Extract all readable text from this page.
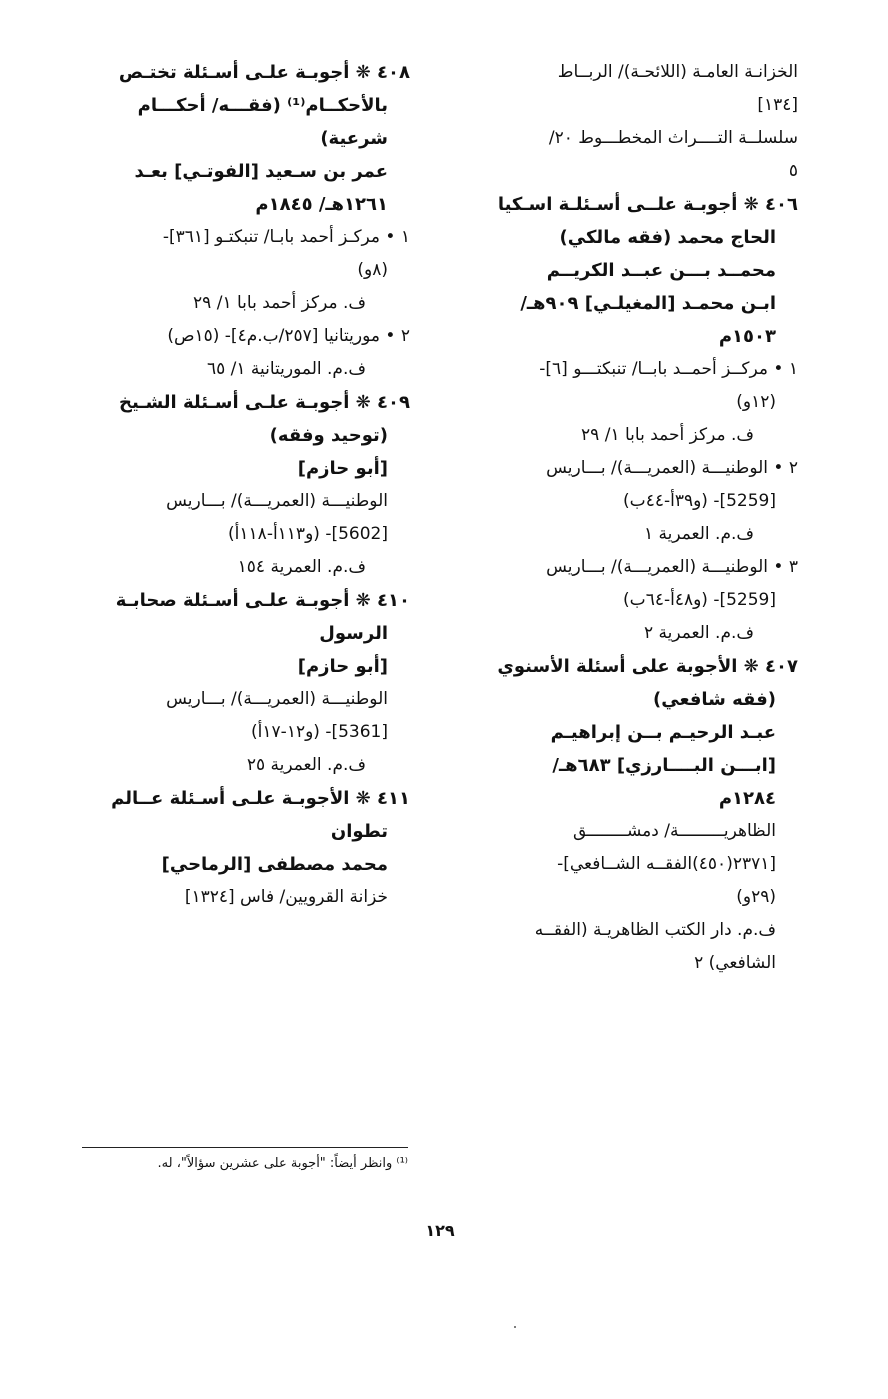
الخزانـة العامـة (اللائحـة)/ الربــاط
[١٣٤]
سلسلــة التــــراث المخطـــوط ٢٠/
٥
٤٠٦ ❋ أجوبـة علــى أسـئلـة اسـكيا
الحاج محمد (فقه مالكي)
محمــد بـــن عبــد الكريــم
ابـن محمـد [المغيلـي] ٩٠٩هـ/
١٥٠٣م
١ • مركــز أحمــد بابــا/ تنبكتـــو [٦]-
(١٢و)
ف. مركز أحمد بابا ١/ ٢٩
٢ • الوطنيـــة (العمريـــة)/ بـــاريس
[5259]- (و٣٩أ-٤٤ب)
ف.م. العمرية ١
٣ • الوطنيـــة (العمريـــة)/ بـــاريس
[5259]- (و٤٨أ-٦٤ب)
ف.م. العمرية ٢
٤٠٧ ❋ الأجوبة على أسئلة الأسنوي
(فقه شافعي)
عبـد الرحيـم بــن إبراهيـم
[ابـــن البــــارزي] ٦٨٣هـ/
١٢٨٤م
الظاهريـــــــــة/ دمشــــــــق
[٢٣٧١(٤٥٠)الفقــه الشــافعي]-
(٢٩و)
ف.م. دار الكتب الظاهريـة (الفقــه
الشافعي) ٢
٤٠٨ ❋ أجوبـة علـى أسـئلة تختـص
بالأحكــام⁽¹⁾ (فقـــه/ أحكـــام
شرعية)
عمر بن سـعيد [الفوتـي] بعـد
١٢٦١هـ/ ١٨٤٥م
١ • مركـز أحمد بابـا/ تنبكتـو [٣٦١]-
(٨و)
ف. مركز أحمد بابا ١/ ٢٩
٢ • موريتانيا [٢٥٧/ب.م٤]- (١٥ص)
ف.م. الموريتانية ١/ ٦٥
٤٠٩ ❋ أجوبـة علـى أسـئلة الشـيخ
(توحيد وفقه)
[أبو حازم]
الوطنيـــة (العمريـــة)/ بـــاريس
[5602]- (و١١٣أ-١١٨أ)
ف.م. العمرية ١٥٤
٤١٠ ❋ أجوبـة علـى أسـئلة صحابـة
الرسول
[أبو حازم]
الوطنيـــة (العمريـــة)/ بـــاريس
[5361]- (و١٢-١٧أ)
ف.م. العمرية ٢٥
٤١١ ❋ الأجوبـة علـى أسـئلة عــالم
تطوان
محمد مصطفى [الرماحي]
خزانة القرويين/ فاس [١٣٢٤]
⁽¹⁾ وانظر أيضاً: "أجوبة على عشرين سؤالاً"، له.
١٢٩
